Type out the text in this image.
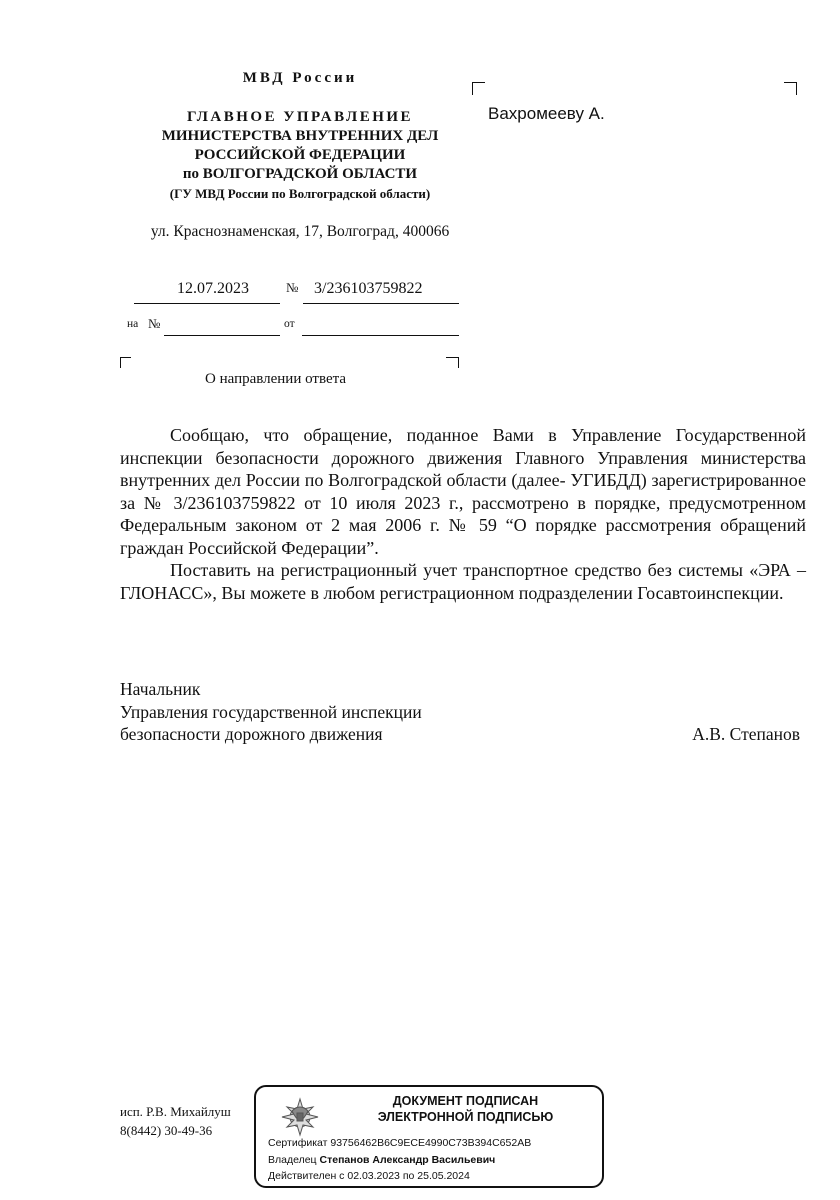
МВД России
ГЛАВНОЕ УПРАВЛЕНИЕ
МИНИСТЕРСТВА ВНУТРЕННИХ ДЕЛ
РОССИЙСКОЙ ФЕДЕРАЦИИ
по ВОЛГОГРАДСКОЙ ОБЛАСТИ
(ГУ МВД России по Волгоградской области)
ул. Краснознаменская, 17, Волгоград, 400066
Вахромееву А.
12.07.2023	№ 3/236103759822
на №	от
О направлении ответа

Сообщаю, что обращение, поданное Вами в Управление Государственной инспекции безопасности дорожного движения Главного Управления министерства внутренних дел России по Волгоградской области (далее- УГИБДД) зарегистрированное за № 3/236103759822 от 10 июля 2023 г., рассмотрено в порядке, предусмотренном Федеральным законом от 2 мая 2006 г. № 59 “О порядке рассмотрения обращений граждан Российской Федерации”.

Поставить на регистрационный учет транспортное средство без системы «ЭРА – ГЛОНАСС», Вы можете в любом регистрационном подразделении Госавтоинспекции.

Начальник
Управления государственной инспекции
безопасности дорожного движения	А.В. Степанов
исп. Р.В. Михайлуш
8(8442) 30-49-36
ДОКУМЕНТ ПОДПИСАН
ЭЛЕКТРОННОЙ ПОДПИСЬЮ
Сертификат 93756462B6C9ECE4990C73B394C652AB
Владелец Степанов Александр Васильевич
Действителен с 02.03.2023 по 25.05.2024
